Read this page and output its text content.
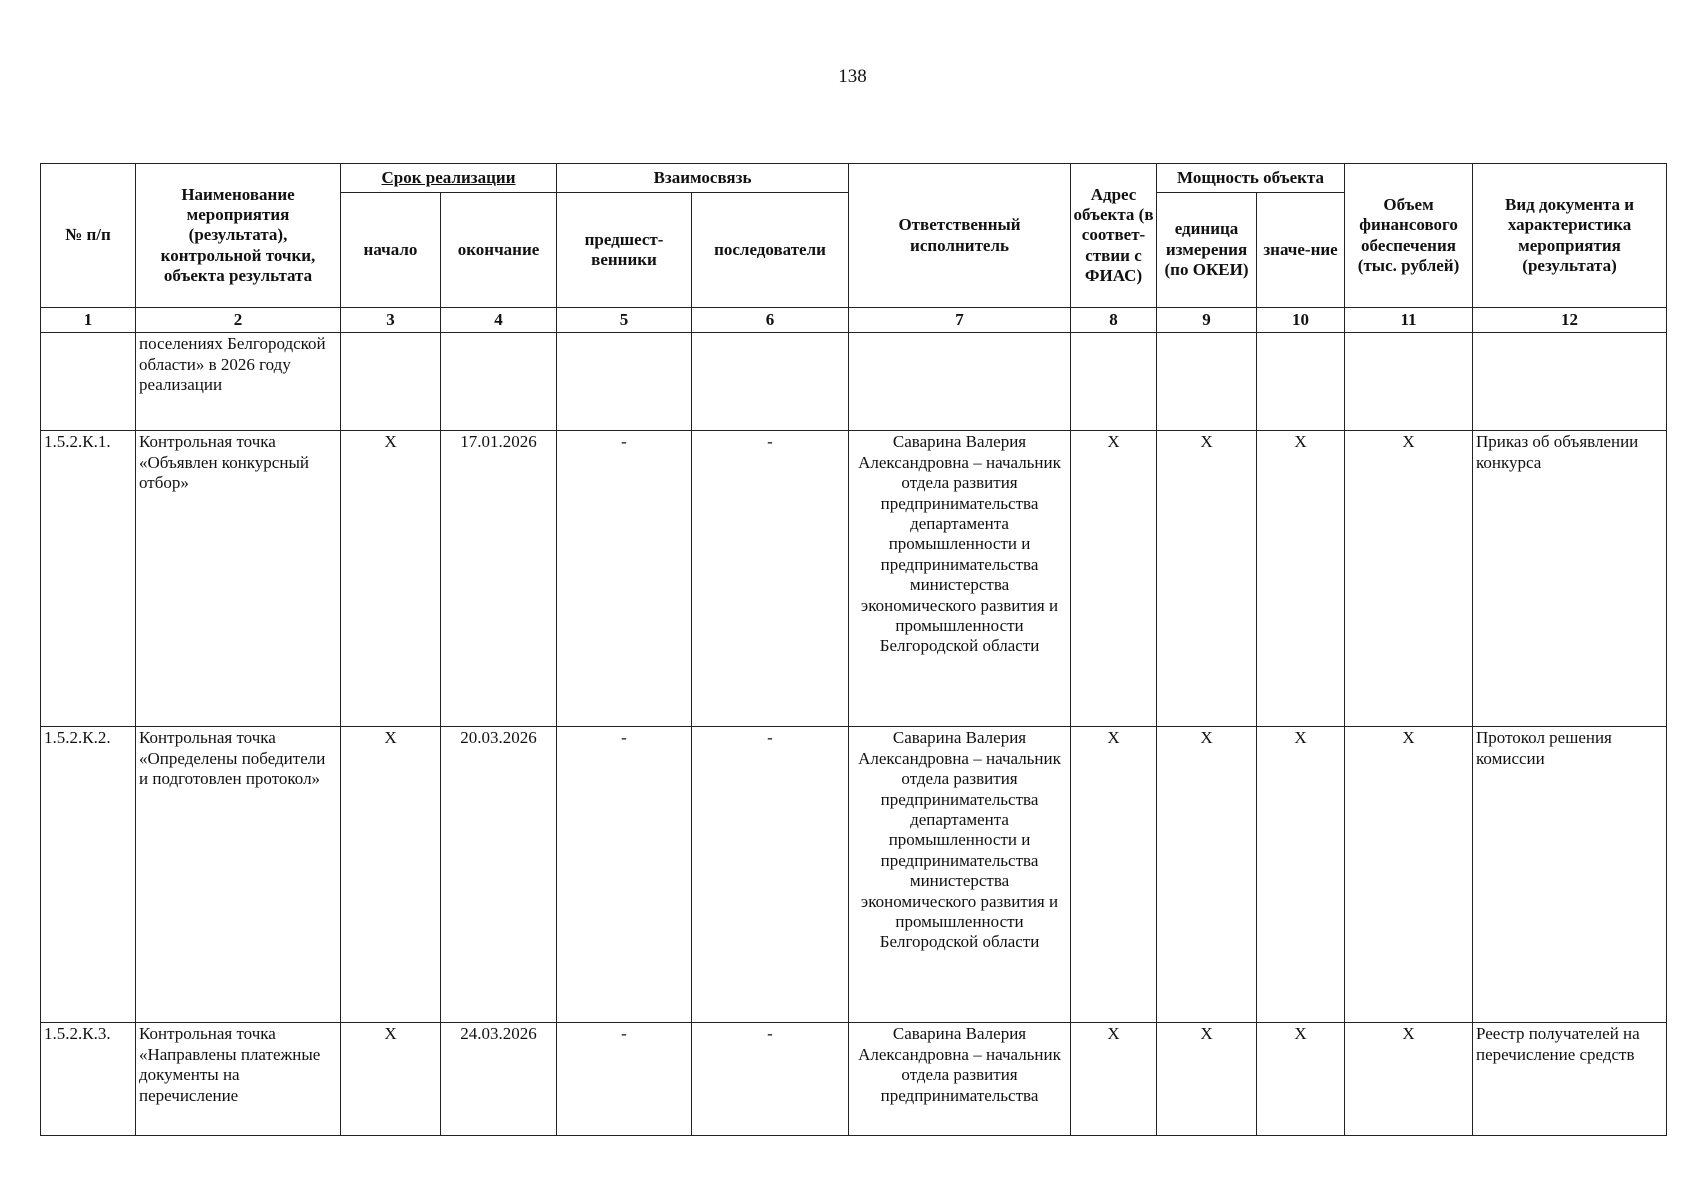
138
№ п/п	Наименование мероприятия (результата), контрольной точки, объекта результата	Срок реализации		Взаимосвязь		Ответственный исполнитель	Адрес объекта (в соответ-ствии с ФИАС)	Мощность объекта		Объем финансового обеспечения (тыс. рублей)	Вид документа и характеристика мероприятия (результата)
		начало	окончание	предшест-венники	последователи			единица измерения (по ОКЕИ)	значе-ние		
1	2	3	4	5	6	7	8	9	10	11	12
	поселениях Белгородской области» в 2026 году реализации										
1.5.2.К.1.	Контрольная точка «Объявлен конкурсный отбор»	Х	17.01.2026	-	-	Саварина Валерия Александровна – начальник отдела развития предпринимательства департамента промышленности и предпринимательства министерства экономического развития и промышленности Белгородской области	Х	Х	Х	Х	Приказ об объявлении конкурса
1.5.2.К.2.	Контрольная точка «Определены победители и подготовлен протокол»	Х	20.03.2026	-	-	Саварина Валерия Александровна – начальник отдела развития предпринимательства департамента промышленности и предпринимательства министерства экономического развития и промышленности Белгородской области	Х	Х	Х	Х	Протокол решения комиссии
1.5.2.К.3.	Контрольная точка «Направлены платежные документы на перечисление	Х	24.03.2026	-	-	Саварина Валерия Александровна – начальник отдела развития предпринимательства	Х	Х	Х	Х	Реестр получателей на перечисление средств
